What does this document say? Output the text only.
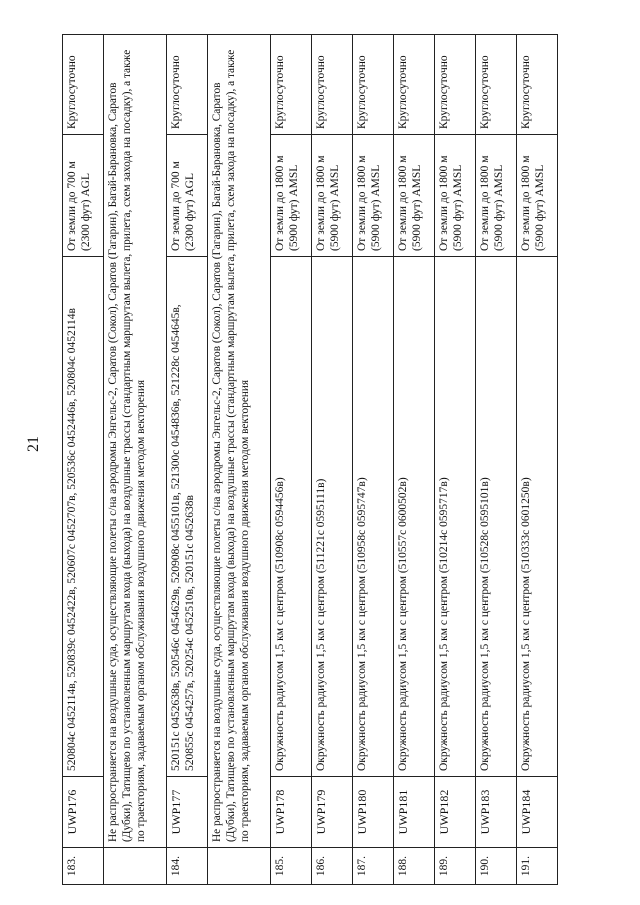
21
183.	UWP176	520804c 0452114в, 520839c 0452422в, 520607c 0452707в, 520536c 0452446в, 520804c 0452114в	От земли до 700 м (2300 фут) AGL	Круглосуточно
	Не распространяется на воздушные суда, осуществляющие полеты с/на аэродромы Энгельс-2, Саратов (Сокол), Саратов (Гагарин), Багай-Барановка, Саратов (Дубки), Татищево по установленным маршрутам входа (выхода) на воздушные трассы (стандартным маршрутам вылета, прилета, схем захода на посадку), а также по траекториям, задаваемым органом обслуживания воздушного движения методом векторения			
184.	UWP177	520151c 0452638в, 520546c 0454629в, 520908c 0455101в, 521300c 0454836в, 521228c 0454645в, 520855c 0454257в, 520254c 0452510в, 520151c 0452638в	От земли до 700 м (2300 фут) AGL	Круглосуточно
	Не распространяется на воздушные суда, осуществляющие полеты с/на аэродромы Энгельс-2, Саратов (Сокол), Саратов (Гагарин), Багай-Барановка, Саратов (Дубки), Татищево по установленным маршрутам входа (выхода) на воздушные трассы (стандартным маршрутам вылета, прилета, схем захода на посадку), а также по траекториям, задаваемым органом обслуживания воздушного движения методом векторения			
185.	UWP178	Окружность радиусом 1,5 км с центром (510908с 0594456в)	От земли до 1800 м (5900 фут) AMSL	Круглосуточно
186.	UWP179	Окружность радиусом 1,5 км с центром (511221с 0595111в)	От земли до 1800 м (5900 фут) AMSL	Круглосуточно
187.	UWP180	Окружность радиусом 1,5 км с центром (510958с 0595747в)	От земли до 1800 м (5900 фут) AMSL	Круглосуточно
188.	UWP181	Окружность радиусом 1,5 км с центром (510557с 0600502в)	От земли до 1800 м (5900 фут) AMSL	Круглосуточно
189.	UWP182	Окружность радиусом 1,5 км с центром (510214с 0595717в)	От земли до 1800 м (5900 фут) AMSL	Круглосуточно
190.	UWP183	Окружность радиусом 1,5 км с центром (510528с 0595101в)	От земли до 1800 м (5900 фут) AMSL	Круглосуточно
191.	UWP184	Окружность радиусом 1,5 км с центром (510333с 0601250в)	От земли до 1800 м (5900 фут) AMSL	Круглосуточно
